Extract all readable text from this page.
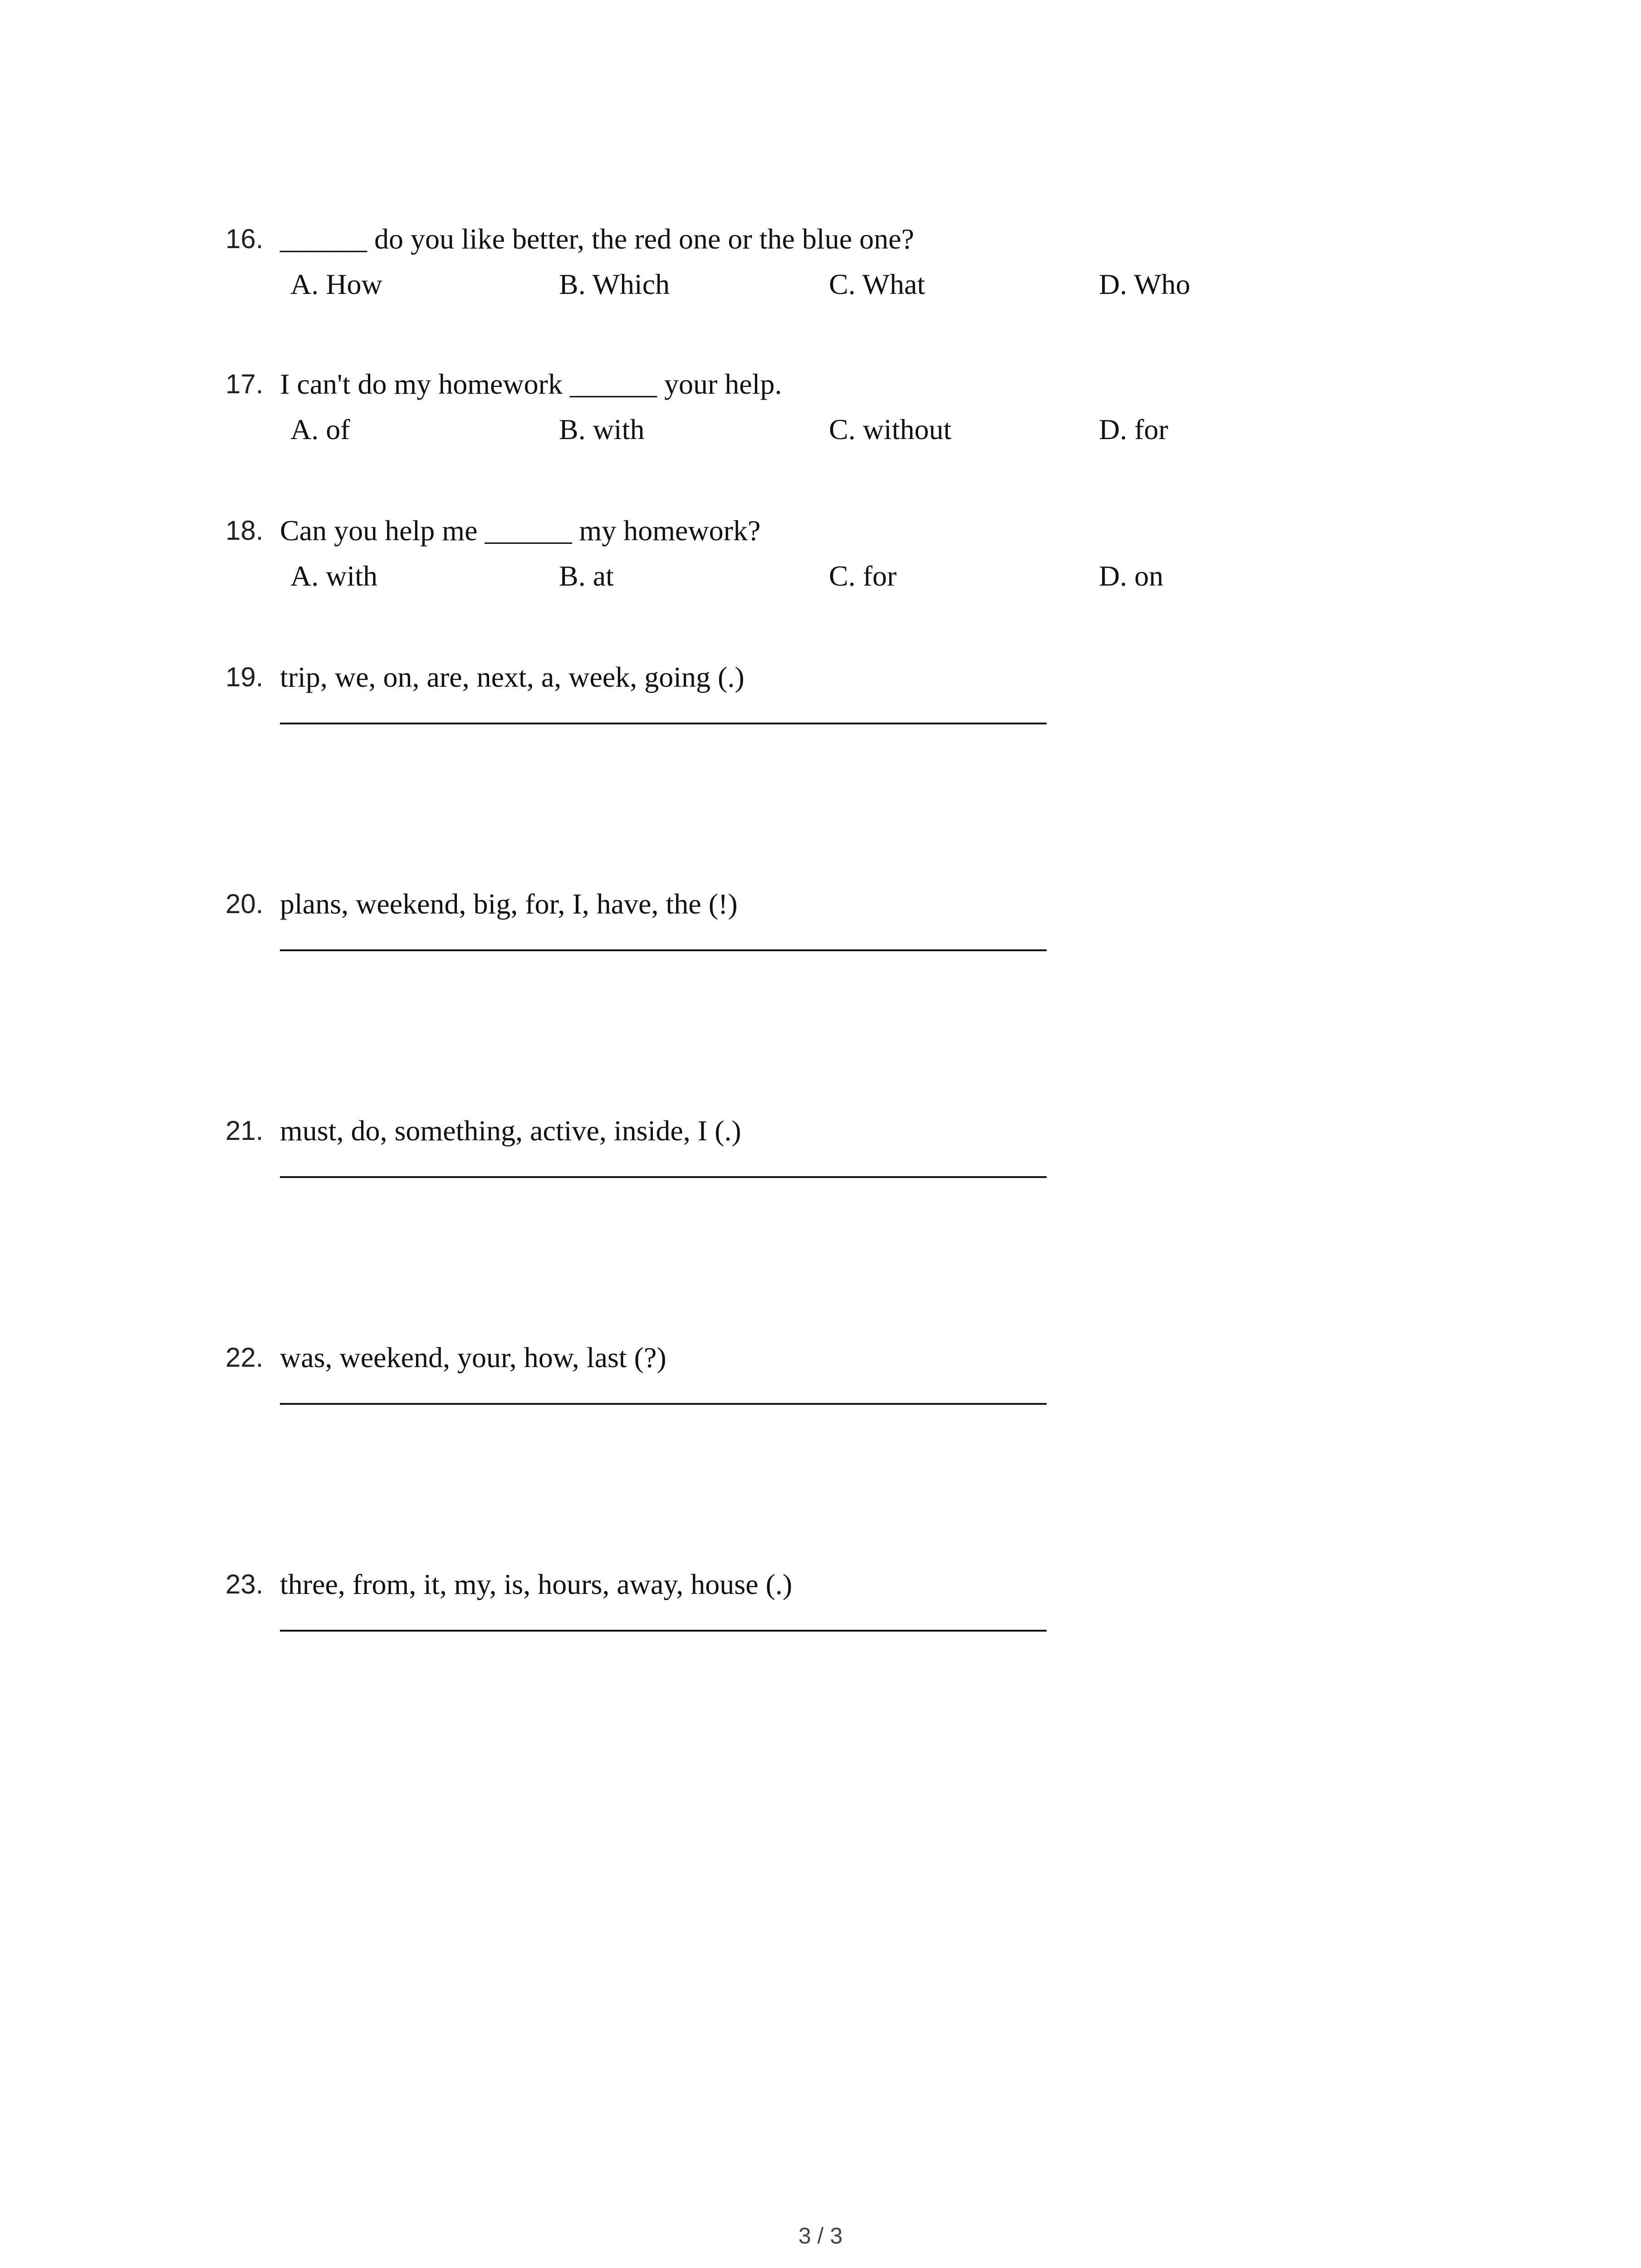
16. ______ do you like better, the red one or the blue one?
A. How	B. Which	C. What	D. Who
17. I can't do my homework ______ your help.
A. of	B. with	C. without	D. for
18. Can you help me ______ my homework?
A. with	B. at	C. for	D. on
19. trip, we, on, are, next, a, week, going (.)
20. plans, weekend, big, for, I, have, the (!)
21. must, do, something, active, inside, I (.)
22. was, weekend, your, how, last (?)
23. three, from, it, my, is, hours, away, house (.)
3 / 3
